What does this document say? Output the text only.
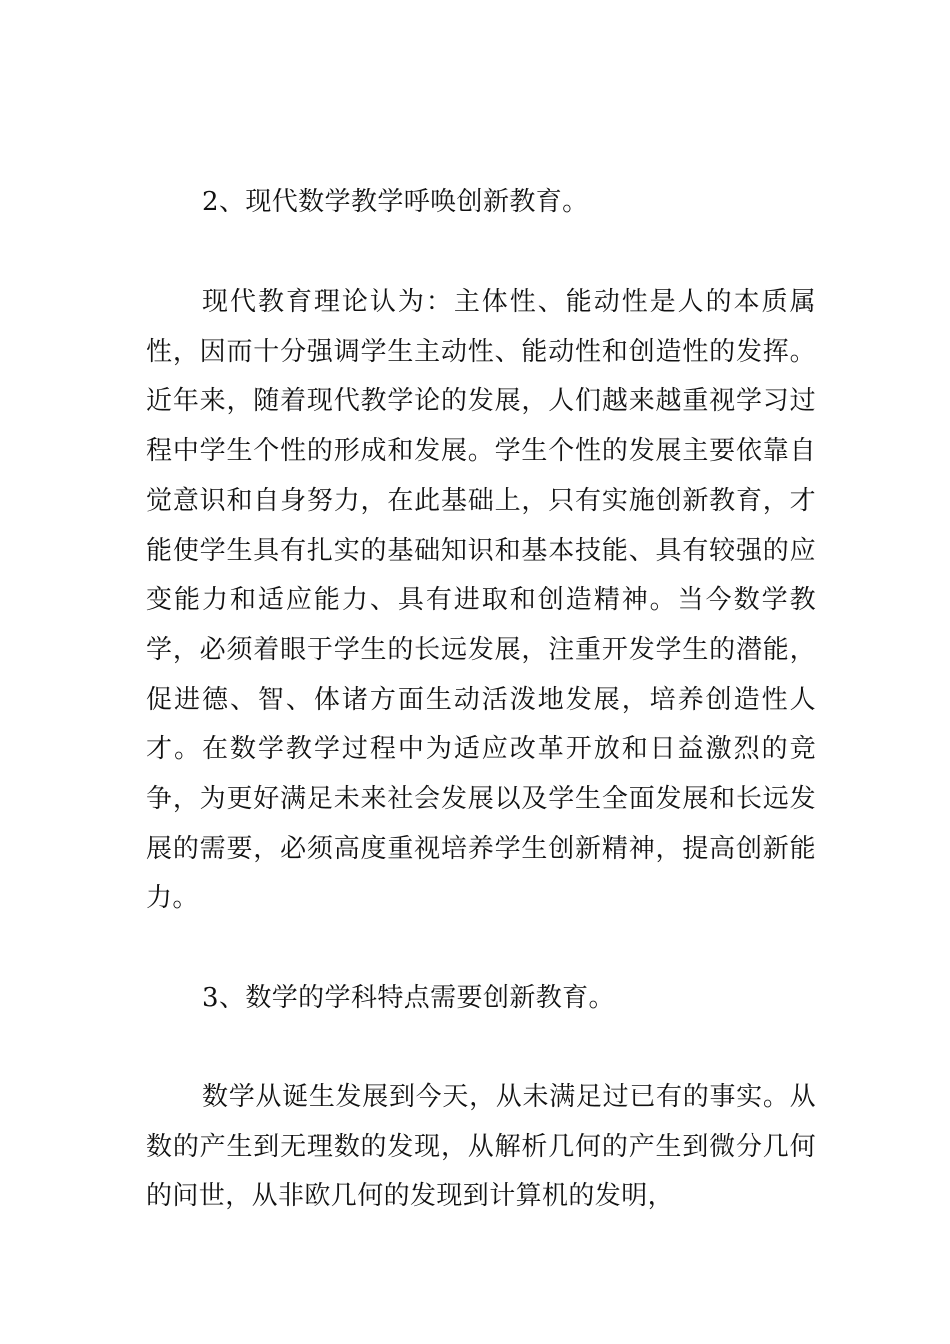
2、现代数学教学呼唤创新教育。

现代教育理论认为：主体性、能动性是人的本质属性，因而十分强调学生主动性、能动性和创造性的发挥。近年来，随着现代教学论的发展，人们越来越重视学习过程中学生个性的形成和发展。学生个性的发展主要依靠自觉意识和自身努力，在此基础上，只有实施创新教育，才能使学生具有扎实的基础知识和基本技能、具有较强的应变能力和适应能力、具有进取和创造精神。当今数学教学，必须着眼于学生的长远发展，注重开发学生的潜能，促进德、智、体诸方面生动活泼地发展，培养创造性人才。在数学教学过程中为适应改革开放和日益激烈的竞争，为更好满足未来社会发展以及学生全面发展和长远发展的需要，必须高度重视培养学生创新精神，提高创新能力。

3、数学的学科特点需要创新教育。

数学从诞生发展到今天，从未满足过已有的事实。从数的产生到无理数的发现，从解析几何的产生到微分几何的问世，从非欧几何的发现到计算机的发明，
